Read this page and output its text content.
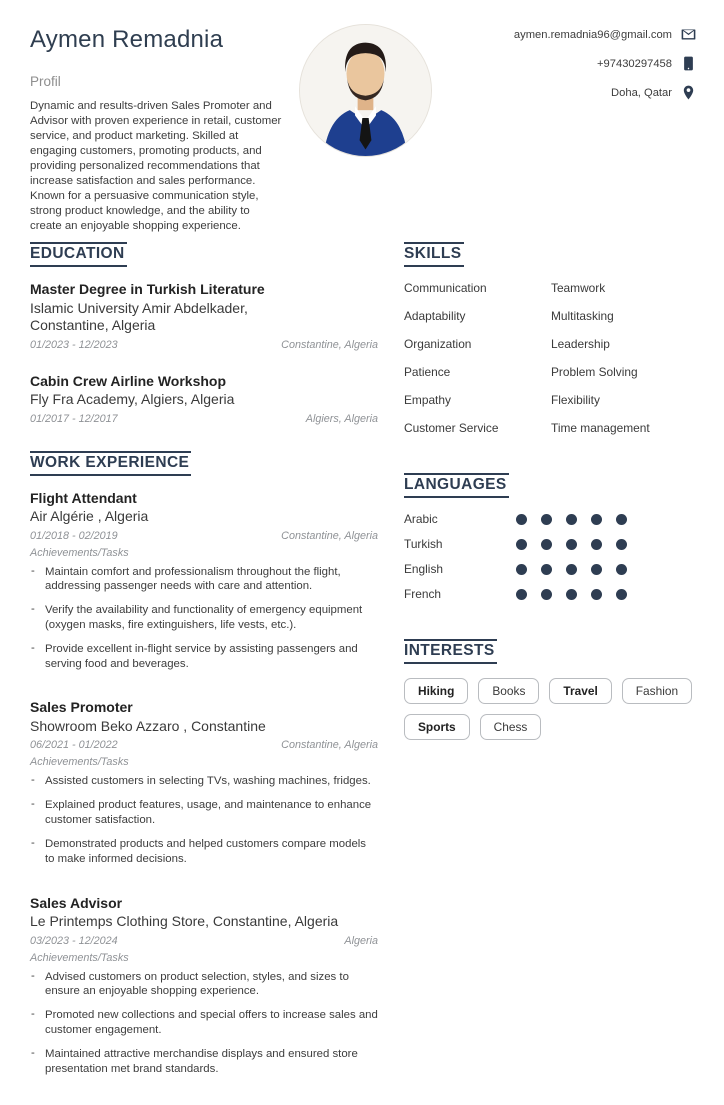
Aymen Remadnia
Profil

Dynamic and results-driven Sales Promoter and Advisor with proven experience in retail, customer service, and product marketing. Skilled at engaging customers, promoting products, and providing personalized recommendations that increase satisfaction and sales performance. Known for a persuasive communication style, strong product knowledge, and the ability to create an enjoyable shopping experience.

aymen.remadnia96@gmail.com
+97430297458
Doha, Qatar
EDUCATION
Master Degree in Turkish Literature
Islamic University Amir Abdelkader, Constantine, Algeria
01/2023 - 12/2023	Constantine, Algeria
Cabin Crew Airline Workshop
Fly Fra Academy, Algiers, Algeria
01/2017 - 12/2017	Algiers, Algeria
WORK EXPERIENCE
Flight Attendant
Air Algérie , Algeria
01/2018 - 02/2019	Constantine, Algeria
Achievements/Tasks
- Maintain comfort and professionalism throughout the flight, addressing passenger needs with care and attention.
- Verify the availability and functionality of emergency equipment (oxygen masks, fire extinguishers, life vests, etc.).
- Provide excellent in-flight service by assisting passengers and serving food and beverages.
Sales Promoter
Showroom Beko Azzaro , Constantine
06/2021 - 01/2022	Constantine, Algeria
Achievements/Tasks
- Assisted customers in selecting TVs, washing machines, fridges.
- Explained product features, usage, and maintenance to enhance customer satisfaction.
- Demonstrated products and helped customers compare models to make informed decisions.
Sales Advisor
Le Printemps Clothing Store, Constantine, Algeria
03/2023 - 12/2024	Algeria
Achievements/Tasks
- Advised customers on product selection, styles, and sizes to ensure an enjoyable shopping experience.
- Promoted new collections and special offers to increase sales and customer engagement.
- Maintained attractive merchandise displays and ensured store presentation met brand standards.
SKILLS
Communication	Teamwork
Adaptability	Multitasking
Organization	Leadership
Patience	Problem Solving
Empathy	Flexibility
Customer Service	Time management
LANGUAGES
Arabic
Turkish
English
French
INTERESTS
Hiking	Books	Travel	Fashion
Sports	Chess
